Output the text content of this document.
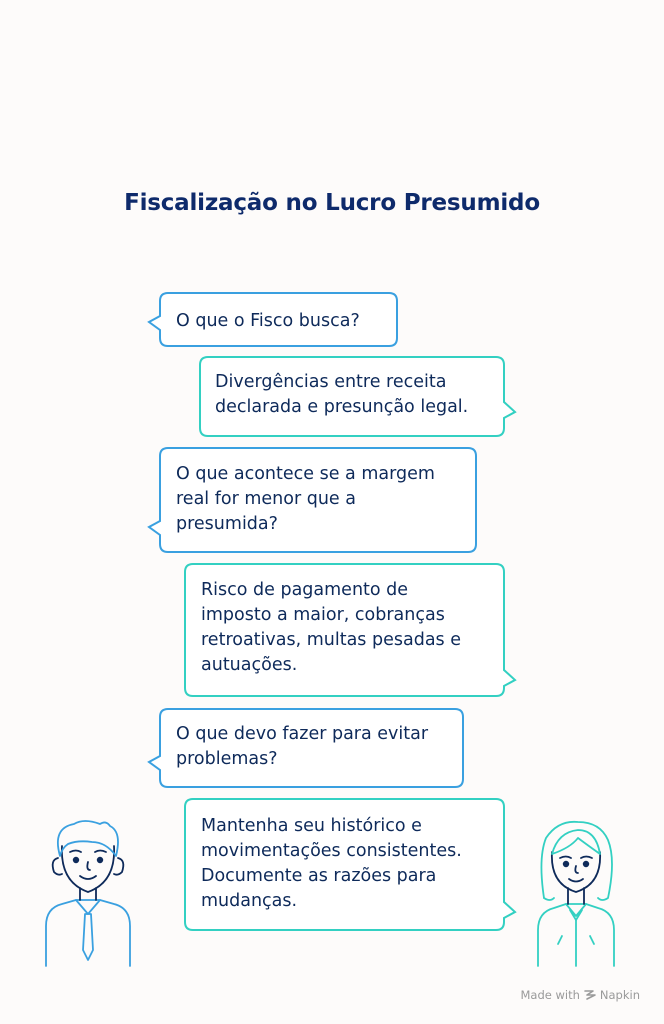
Fiscalização no Lucro Presumido
O que o Fisco busca?
Divergências entre receita
declarada e presunção legal.
O que acontece se a margem
real for menor que a
presumida?
Risco de pagamento de
imposto a maior, cobranças
retroativas, multas pesadas e
autuações.
O que devo fazer para evitar
problemas?
Mantenha seu histórico e
movimentações consistentes.
Documente as razões para
mudanças.
Made with Napkin
